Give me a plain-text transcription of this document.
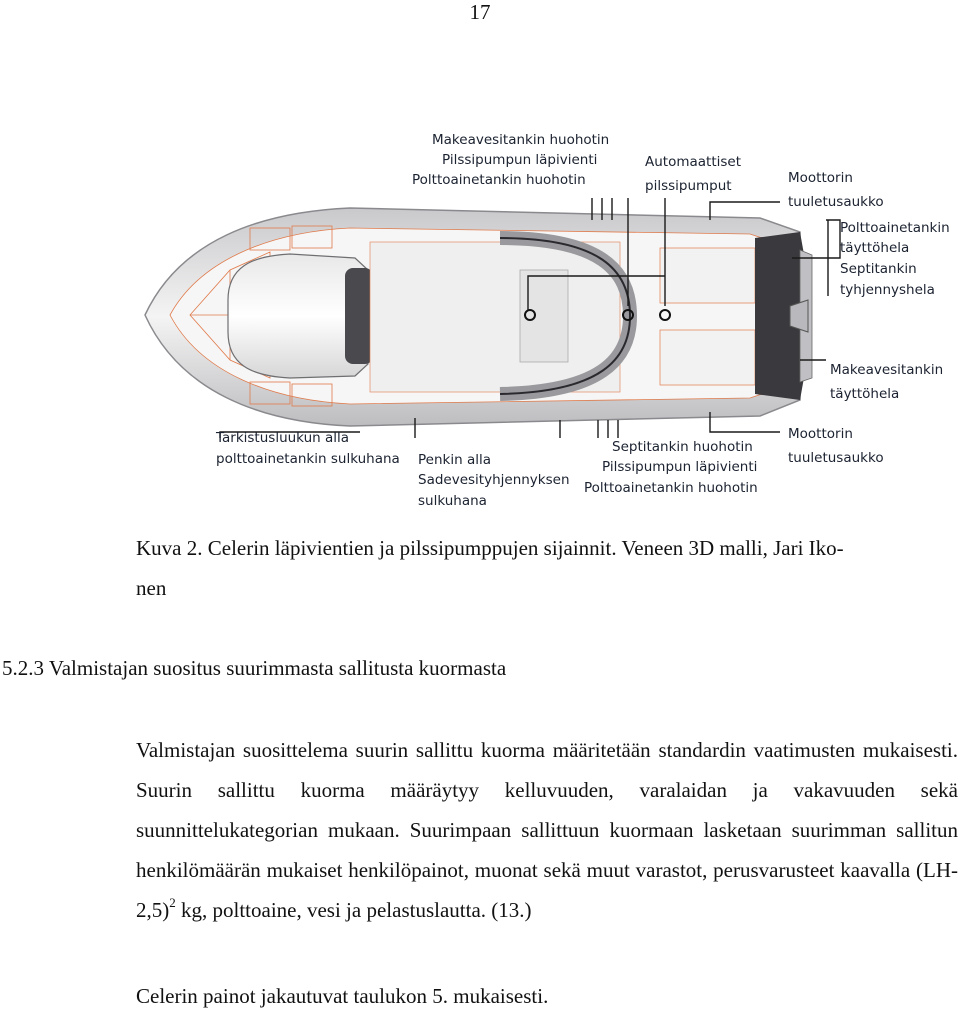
17
Makeavesitankin huohotin
Pilssipumpun läpivienti
Polttoainetankin huohotin
Automaattiset
pilssipumput	Moottorin
tuuletusaukko
Polttoainetankin
täyttöhela
Septitankin
tyhjennyshela
Makeavesitankin
täyttöhela
Moottorin
tuuletusaukko
Tarkistusluukun alla
polttoainetankin sulkuhana Penkin alla
Sadevesityhjennyksen
sulkuhana
Septitankin huohotin
Pilssipumpun läpivienti
Polttoainetankin huohotin
Kuva 2. Celerin läpivientien ja pilssipumppujen sijainnit. Veneen 3D malli, Jari Iko-
nen
5.2.3 Valmistajan suositus suurimmasta sallitusta kuormasta
Valmistajan suosittelema suurin sallittu kuorma määritetään standardin vaatimusten mukaisesti. Suurin sallittu kuorma määräytyy kelluvuuden, varalaidan ja vakavuuden sekä suunnittelukategorian mukaan. Suurimpaan sallittuun kuormaan lasketaan suurimman sallitun henkilömäärän mukaiset henkilöpainot, muonat sekä muut varastot, perusvarusteet kaavalla $(LH-2,5)^2$ kg, polttoaine, vesi ja pelastuslautta. (13.)
Celerin painot jakautuvat taulukon 5. mukaisesti.
